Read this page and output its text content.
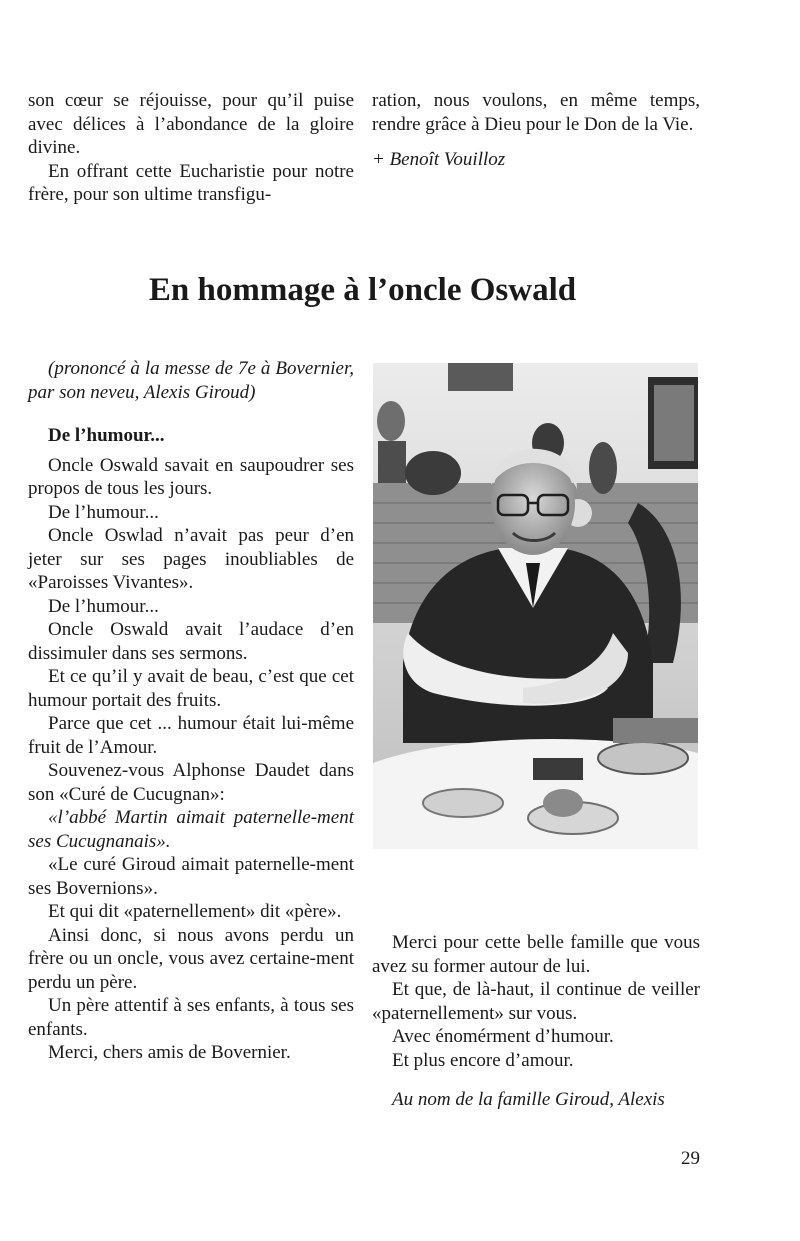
son cœur se réjouisse, pour qu’il puise avec délices à l’abondance de la gloire divine.

En offrant cette Eucharistie pour notre frère, pour son ultime transfigu-

ration, nous voulons, en même temps, rendre grâce à Dieu pour le Don de la Vie.

+ Benoît Vouilloz

En hommage à l’oncle Oswald

(prononcé à la messe de 7e à Bovernier, par son neveu, Alexis Giroud)

De l’humour...

Oncle Oswald savait en saupoudrer ses propos de tous les jours.

De l’humour...

Oncle Oswlad n’avait pas peur d’en jeter sur ses pages inoubliables de «Paroisses Vivantes».

De l’humour...

Oncle Oswald avait l’audace d’en dissimuler dans ses sermons.

Et ce qu’il y avait de beau, c’est que cet humour portait des fruits.

Parce que cet ... humour était lui-même fruit de l’Amour.

Souvenez-vous Alphonse Daudet dans son «Curé de Cucugnan»:

«l’abbé Martin aimait paternelle-ment ses Cucugnanais».

«Le curé Giroud aimait paternelle-ment ses Bovernions».

Et qui dit «paternellement» dit «père».

Ainsi donc, si nous avons perdu un frère ou un oncle, vous avez certaine-ment perdu un père.

Un père attentif à ses enfants, à tous ses enfants.

Merci, chers amis de Bovernier.

Merci pour cette belle famille que vous avez su former autour de lui.

Et que, de là-haut, il continue de veiller «paternellement» sur vous.

Avec énomérment d’humour.

Et plus encore d’amour.

Au nom de la famille Giroud, Alexis

29
